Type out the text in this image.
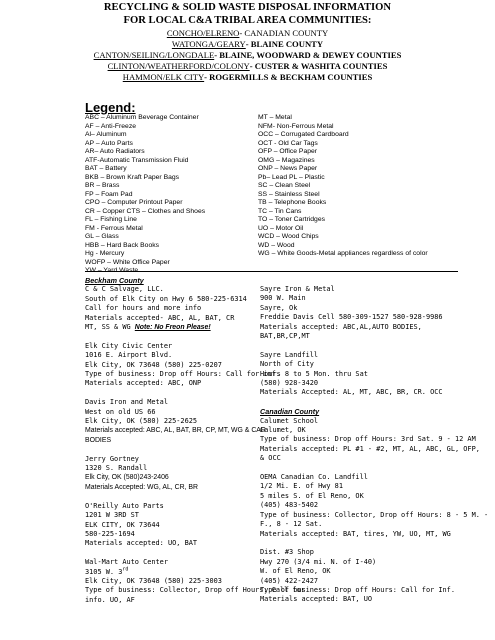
RECYCLING & SOLID WASTE DISPOSAL INFORMATION
FOR LOCAL C&A TRIBAL AREA COMMUNITIES:
CONCHO/ELRENO- CANADIAN COUNTY
WATONGA/GEARY- BLAINE COUNTY
CANTON/SEILING/LONGDALE- BLAINE, WOODWARD & DEWEY COUNTIES
CLINTON/WEATHERFORD/COLONY- CUSTER & WASHITA COUNTIES
HAMMON/ELK CITY- ROGERMILLS & BECKHAM COUNTIES
Legend:
ABC – Aluminum Beverage Container
AF – Anti-Freeze
Al– Aluminum
AP – Auto Parts
AR– Auto Radiators
ATF-Automatic Transmission Fluid
BAT – Battery
BKB – Brown Kraft Paper Bags
BR – Brass
FP – Foam Pad
CPO – Computer Printout Paper
CR – Copper CTS – Clothes and Shoes
FL – Fishing Line
FM - Ferrous Metal
GL – Glass
HBB – Hard Back Books
Hg - Mercury
WOFP – White Office Paper
YW – Yard Waste
MT – Metal
NFM- Non-Ferrous Metal
OCC – Corrugated Cardboard
OCT - Old Car Tags
OFP – Office Paper
OMG – Magazines
ONP – News Paper
Pb– Lead PL – Plastic
SC – Clean Steel
SS – Stainless Steel
TB – Telephone Books
TC – Tin Cans
TO – Toner Cartridges
UO – Motor Oil
WCD – Wood Chips
WD – Wood
WG – White Goods-Metal appliances regardless of color
Beckham County
C & C Salvage, LLC.
South of Elk City on Hwy 6 580-225-6314
Call for hours and more info
Materials accepted- ABC, AL, BAT, CR
MT, SS & WG Note: No Freon Please!
Elk City Civic Center
1016 E. Airport Blvd.
Elk City, OK 73648 (580) 225-0207
Type of business: Drop off Hours: Call for inf.
Materials accepted: ABC, ONP
Davis Iron and Metal
West on old US 66
Elk City, OK (580) 225-2625
Materials accepted: ABC, AL, BAT, BR, CP, MT, WG & CAR
BODIES
Jerry Gortney
1320 S. Randall
Elk City, OK (580)243-2406
Materials Accepted: WG, AL, CR, BR
O'Reilly Auto Parts
1201 W 3RD ST
ELK CITY, OK 73644
580-225-1694
Materials accepted: UO, BAT
Wal-Mart Auto Center
3105 W. 3rd
Elk City, OK 73648 (580) 225-3003
Type of business: Collector, Drop off Hours: Call for
info. UO, AF
Sayre Iron & Metal
900 W. Main
Sayre, Ok
Freddie Davis Cell 580-309-1527 580-928-9986
Materials accepted: ABC,AL,AUTO BODIES,
BAT,BR,CP,MT
Sayre Landfill
North of City
Hours 8 to 5 Mon. thru Sat
(580) 928-3420
Materials Accepted: AL, MT, ABC, BR, CR. OCC
Canadian County
Calumet School
Calumet, OK
Type of business: Drop off Hours: 3rd Sat. 9 - 12 AM
Materials accepted: PL #1 - #2, MT, AL, ABC, GL, OFP,
& OCC
OEMA Canadian Co. Landfill
1/2 Mi. E. of Hwy 81
5 miles S. of El Reno, OK
(405) 483-5402
Type of business: Collector, Drop off Hours: 8 - 5 M. -
F., 8 - 12 Sat.
Materials accepted: BAT, tires, YW, UO, MT, WG
Dist. #3 Shop
Hwy 270 (3/4 mi. N. of I-40)
W. of El Reno, OK
(405) 422-2427
Type of business: Drop off Hours: Call for Inf.
Materials accepted: BAT, UO
